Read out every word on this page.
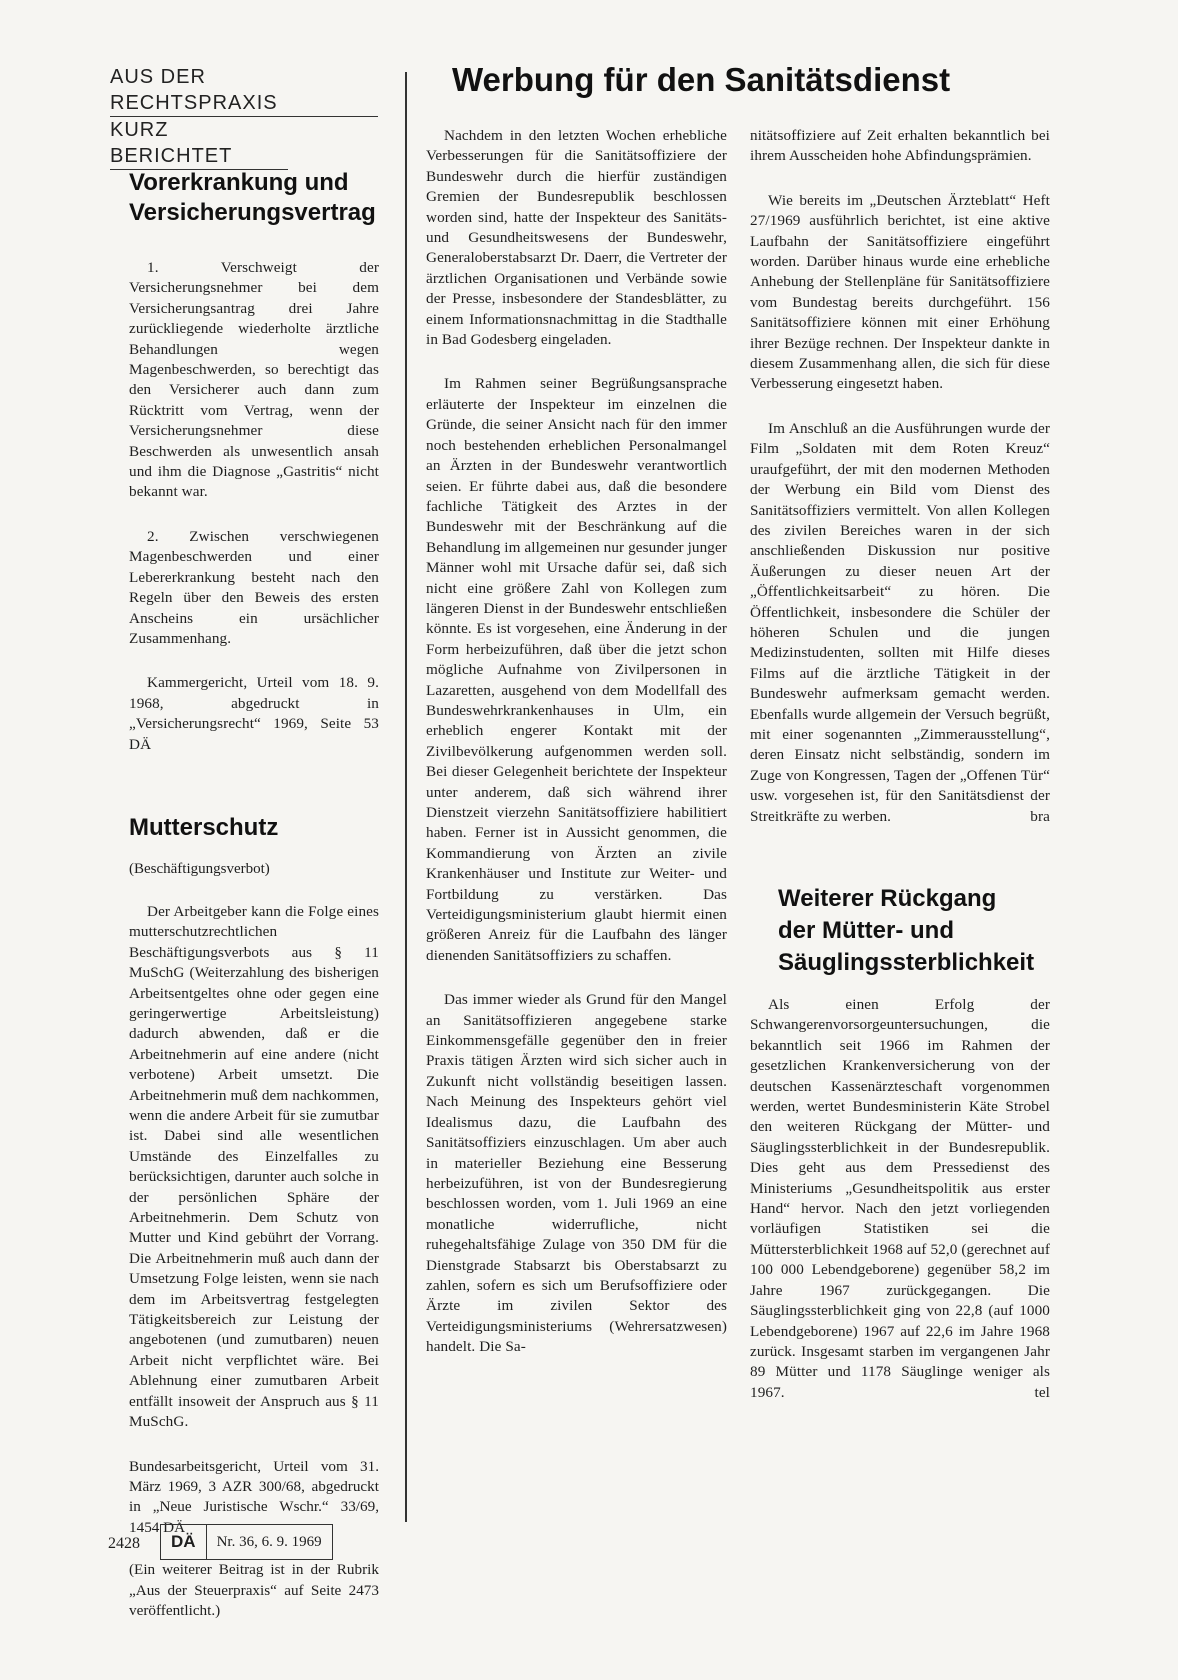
AUS DER RECHTSPRAXIS
KURZ BERICHTET
Vorerkrankung und
Versicherungsvertrag

1. Verschweigt der Versicherungsnehmer bei dem Versicherungsantrag drei Jahre zurückliegende wiederholte ärztliche Behandlungen wegen Magenbeschwerden, so berechtigt das den Versicherer auch dann zum Rücktritt vom Vertrag, wenn der Versicherungsnehmer diese Beschwerden als unwesentlich ansah und ihm die Diagnose „Gastritis“ nicht bekannt war.

2. Zwischen verschwiegenen Magenbeschwerden und einer Lebererkrankung besteht nach den Regeln über den Beweis des ersten Anscheins ein ursächlicher Zusammenhang.

Kammergericht, Urteil vom 18. 9. 1968, abgedruckt in „Versicherungsrecht“ 1969, Seite 53 DÄ

Mutterschutz

(Beschäftigungsverbot)

Der Arbeitgeber kann die Folge eines mutterschutzrechtlichen Beschäftigungsverbots aus § 11 MuSchG (Weiterzahlung des bisherigen Arbeitsentgeltes ohne oder gegen eine geringerwertige Arbeitsleistung) dadurch abwenden, daß er die Arbeitnehmerin auf eine andere (nicht verbotene) Arbeit umsetzt. Die Arbeitnehmerin muß dem nachkommen, wenn die andere Arbeit für sie zumutbar ist. Dabei sind alle wesentlichen Umstände des Einzelfalles zu berücksichtigen, darunter auch solche in der persönlichen Sphäre der Arbeitnehmerin. Dem Schutz von Mutter und Kind gebührt der Vorrang. Die Arbeitnehmerin muß auch dann der Umsetzung Folge leisten, wenn sie nach dem im Arbeitsvertrag festgelegten Tätigkeitsbereich zur Leistung der angebotenen (und zumutbaren) neuen Arbeit nicht verpflichtet wäre. Bei Ablehnung einer zumutbaren Arbeit entfällt insoweit der Anspruch aus § 11 MuSchG.

Bundesarbeitsgericht, Urteil vom 31. März 1969, 3 AZR 300/68, abgedruckt in „Neue Juristische Wschr.“ 33/69, 1454 DÄ

(Ein weiterer Beitrag ist in der Rubrik „Aus der Steuerpraxis“ auf Seite 2473 veröffentlicht.)

Werbung für den Sanitätsdienst

Nachdem in den letzten Wochen erhebliche Verbesserungen für die Sanitätsoffiziere der Bundeswehr durch die hierfür zuständigen Gremien der Bundesrepublik beschlossen worden sind, hatte der Inspekteur des Sanitäts- und Gesundheitswesens der Bundeswehr, Generaloberstabsarzt Dr. Daerr, die Vertreter der ärztlichen Organisationen und Verbände sowie der Presse, insbesondere der Standesblätter, zu einem Informationsnachmittag in die Stadthalle in Bad Godesberg eingeladen.

Im Rahmen seiner Begrüßungsansprache erläuterte der Inspekteur im einzelnen die Gründe, die seiner Ansicht nach für den immer noch bestehenden erheblichen Personalmangel an Ärzten in der Bundeswehr verantwortlich seien. Er führte dabei aus, daß die besondere fachliche Tätigkeit des Arztes in der Bundeswehr mit der Beschränkung auf die Behandlung im allgemeinen nur gesunder junger Männer wohl mit Ursache dafür sei, daß sich nicht eine größere Zahl von Kollegen zum längeren Dienst in der Bundeswehr entschließen könnte. Es ist vorgesehen, eine Änderung in der Form herbeizuführen, daß über die jetzt schon mögliche Aufnahme von Zivilpersonen in Lazaretten, ausgehend von dem Modellfall des Bundeswehrkrankenhauses in Ulm, ein erheblich engerer Kontakt mit der Zivilbevölkerung aufgenommen werden soll. Bei dieser Gelegenheit berichtete der Inspekteur unter anderem, daß sich während ihrer Dienstzeit vierzehn Sanitätsoffiziere habilitiert haben. Ferner ist in Aussicht genommen, die Kommandierung von Ärzten an zivile Krankenhäuser und Institute zur Weiter- und Fortbildung zu verstärken. Das Verteidigungsministerium glaubt hiermit einen größeren Anreiz für die Laufbahn des länger dienenden Sanitätsoffiziers zu schaffen.

Das immer wieder als Grund für den Mangel an Sanitätsoffizieren angegebene starke Einkommensgefälle gegenüber den in freier Praxis tätigen Ärzten wird sich sicher auch in Zukunft nicht vollständig beseitigen lassen. Nach Meinung des Inspekteurs gehört viel Idealismus dazu, die Laufbahn des Sanitätsoffiziers einzuschlagen. Um aber auch in materieller Beziehung eine Besserung herbeizuführen, ist von der Bundesregierung beschlossen worden, vom 1. Juli 1969 an eine monatliche widerrufliche, nicht ruhegehaltsfähige Zulage von 350 DM für die Dienstgrade Stabsarzt bis Oberstabsarzt zu zahlen, sofern es sich um Berufsoffiziere oder Ärzte im zivilen Sektor des Verteidigungsministeriums (Wehrersatzwesen) handelt. Die Sa-

nitätsoffiziere auf Zeit erhalten bekanntlich bei ihrem Ausscheiden hohe Abfindungsprämien.

Wie bereits im „Deutschen Ärzteblatt“ Heft 27/1969 ausführlich berichtet, ist eine aktive Laufbahn der Sanitätsoffiziere eingeführt worden. Darüber hinaus wurde eine erhebliche Anhebung der Stellenpläne für Sanitätsoffiziere vom Bundestag bereits durchgeführt. 156 Sanitätsoffiziere können mit einer Erhöhung ihrer Bezüge rechnen. Der Inspekteur dankte in diesem Zusammenhang allen, die sich für diese Verbesserung eingesetzt haben.

Im Anschluß an die Ausführungen wurde der Film „Soldaten mit dem Roten Kreuz“ uraufgeführt, der mit den modernen Methoden der Werbung ein Bild vom Dienst des Sanitätsoffiziers vermittelt. Von allen Kollegen des zivilen Bereiches waren in der sich anschließenden Diskussion nur positive Äußerungen zu dieser neuen Art der „Öffentlichkeitsarbeit“ zu hören. Die Öffentlichkeit, insbesondere die Schüler der höheren Schulen und die jungen Medizinstudenten, sollten mit Hilfe dieses Films auf die ärztliche Tätigkeit in der Bundeswehr aufmerksam gemacht werden. Ebenfalls wurde allgemein der Versuch begrüßt, mit einer sogenannten „Zimmerausstellung“, deren Einsatz nicht selbständig, sondern im Zuge von Kongressen, Tagen der „Offenen Tür“ usw. vorgesehen ist, für den Sanitätsdienst der Streitkräfte zu werben.	bra

Weiterer Rückgang
der Mütter- und
Säuglingssterblichkeit

Als einen Erfolg der Schwangerenvorsorgeuntersuchungen, die bekanntlich seit 1966 im Rahmen der gesetzlichen Krankenversicherung von der deutschen Kassenärzteschaft vorgenommen werden, wertet Bundesministerin Käte Strobel den weiteren Rückgang der Mütter- und Säuglingssterblichkeit in der Bundesrepublik. Dies geht aus dem Pressedienst des Ministeriums „Gesundheitspolitik aus erster Hand“ hervor. Nach den jetzt vorliegenden vorläufigen Statistiken sei die Müttersterblichkeit 1968 auf 52,0 (gerechnet auf 100 000 Lebendgeborene) gegenüber 58,2 im Jahre 1967 zurückgegangen. Die Säuglingssterblichkeit ging von 22,8 (auf 1000 Lebendgeborene) 1967 auf 22,6 im Jahre 1968 zurück. Insgesamt starben im vergangenen Jahr 89 Mütter und 1178 Säuglinge weniger als 1967.	tel

2428	DÄ	Nr. 36, 6. 9. 1969
